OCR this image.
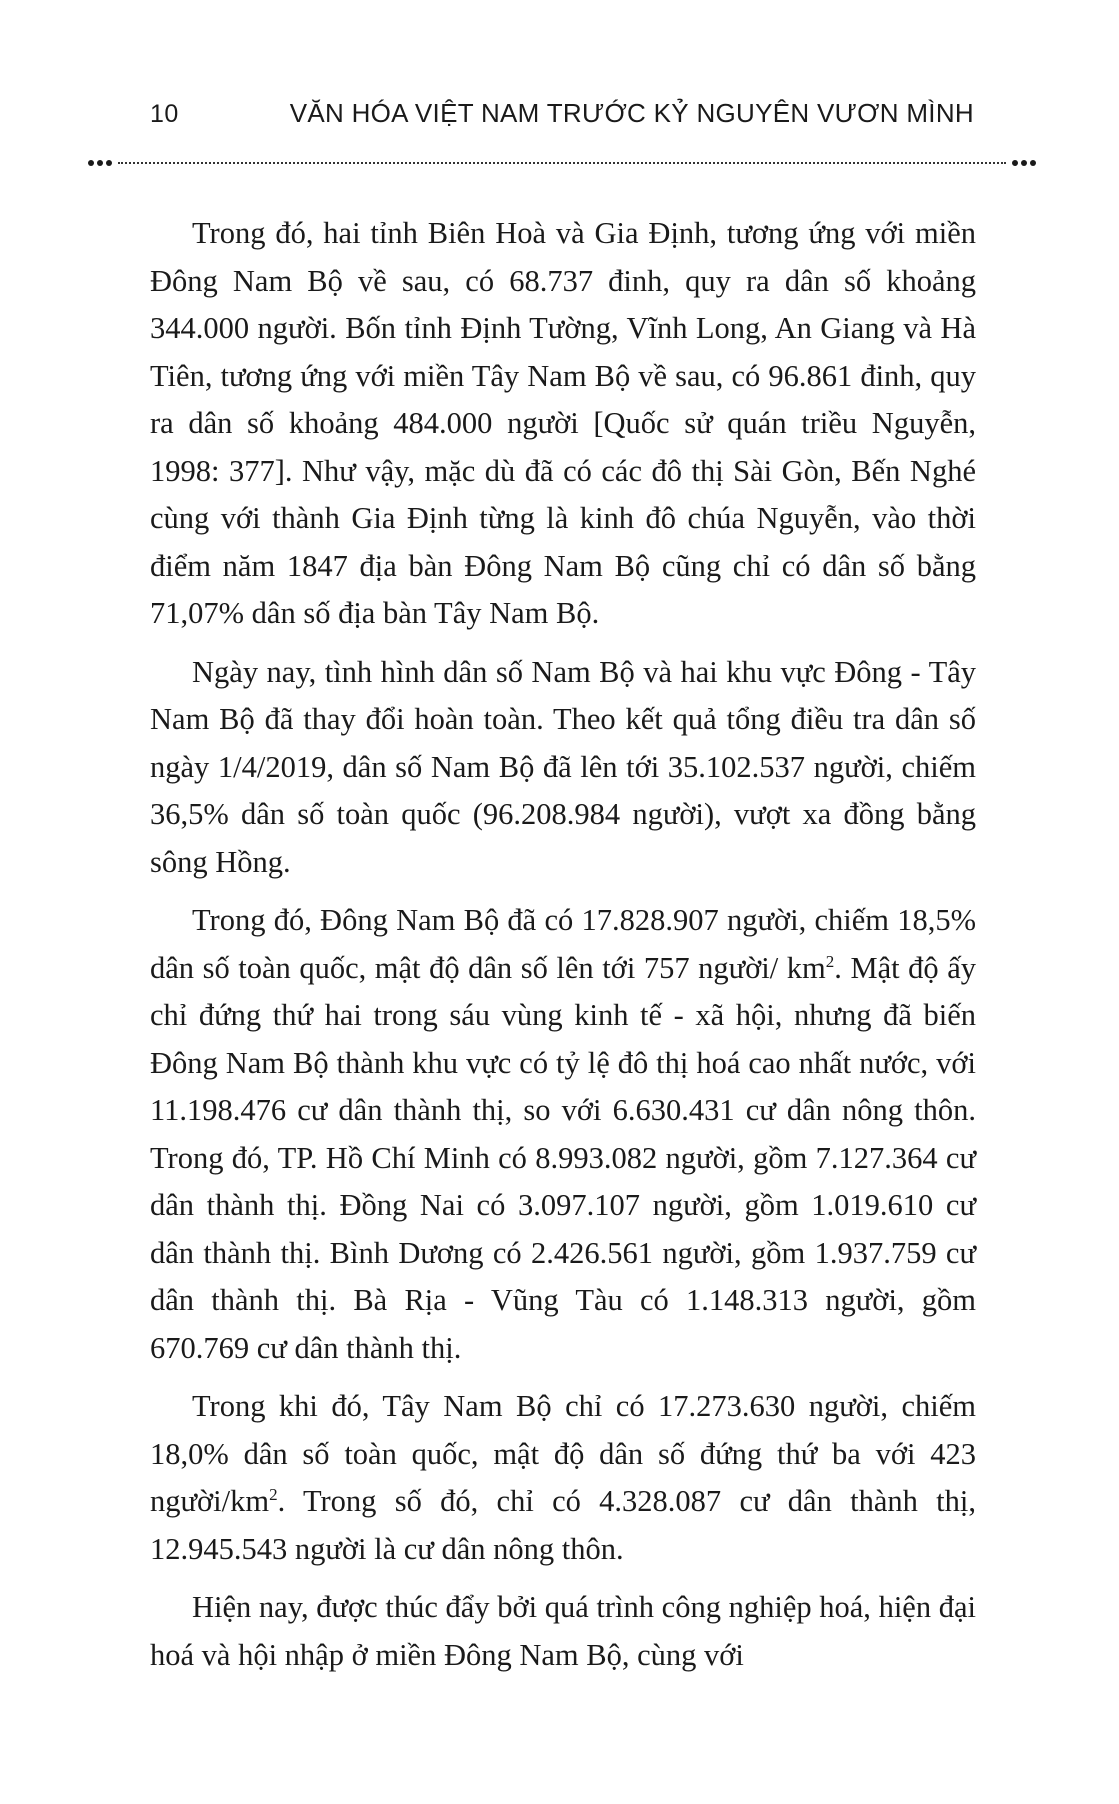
10	VĂN HÓA VIỆT NAM TRƯỚC KỶ NGUYÊN VƯƠN MÌNH

Trong đó, hai tỉnh Biên Hoà và Gia Định, tương ứng với miền Đông Nam Bộ về sau, có 68.737 đinh, quy ra dân số khoảng 344.000 người. Bốn tỉnh Định Tường, Vĩnh Long, An Giang và Hà Tiên, tương ứng với miền Tây Nam Bộ về sau, có 96.861 đinh, quy ra dân số khoảng 484.000 người [Quốc sử quán triều Nguyễn, 1998: 377]. Như vậy, mặc dù đã có các đô thị Sài Gòn, Bến Nghé cùng với thành Gia Định từng là kinh đô chúa Nguyễn, vào thời điểm năm 1847 địa bàn Đông Nam Bộ cũng chỉ có dân số bằng 71,07% dân số địa bàn Tây Nam Bộ.

Ngày nay, tình hình dân số Nam Bộ và hai khu vực Đông - Tây Nam Bộ đã thay đổi hoàn toàn. Theo kết quả tổng điều tra dân số ngày 1/4/2019, dân số Nam Bộ đã lên tới 35.102.537 người, chiếm 36,5% dân số toàn quốc (96.208.984 người), vượt xa đồng bằng sông Hồng.

Trong đó, Đông Nam Bộ đã có 17.828.907 người, chiếm 18,5% dân số toàn quốc, mật độ dân số lên tới 757 người/ $km^2$. Mật độ ấy chỉ đứng thứ hai trong sáu vùng kinh tế - xã hội, nhưng đã biến Đông Nam Bộ thành khu vực có tỷ lệ đô thị hoá cao nhất nước, với 11.198.476 cư dân thành thị, so với 6.630.431 cư dân nông thôn. Trong đó, TP. Hồ Chí Minh có 8.993.082 người, gồm 7.127.364 cư dân thành thị. Đồng Nai có 3.097.107 người, gồm 1.019.610 cư dân thành thị. Bình Dương có 2.426.561 người, gồm 1.937.759 cư dân thành thị. Bà Rịa - Vũng Tàu có 1.148.313 người, gồm 670.769 cư dân thành thị.

Trong khi đó, Tây Nam Bộ chỉ có 17.273.630 người, chiếm 18,0% dân số toàn quốc, mật độ dân số đứng thứ ba với 423 người/$km^2$. Trong số đó, chỉ có 4.328.087 cư dân thành thị, 12.945.543 người là cư dân nông thôn.

Hiện nay, được thúc đẩy bởi quá trình công nghiệp hoá, hiện đại hoá và hội nhập ở miền Đông Nam Bộ, cùng với
